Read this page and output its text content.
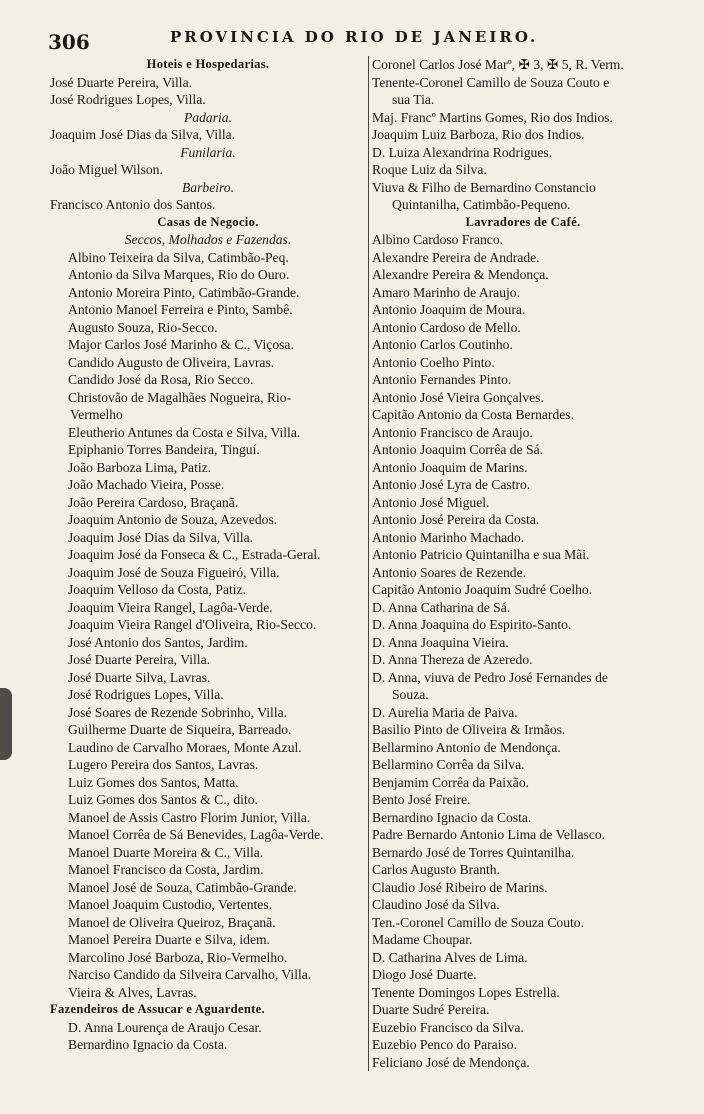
306	PROVINCIA DO RIO DE JANEIRO.
Hoteis e Hospedarias.
José Duarte Pereira, Villa.
José Rodrigues Lopes, Villa.
Padaria.
Joaquim José Dias da Silva, Villa.
Funilaria.
João Miguel Wilson.
Barbeiro.
Francisco Antonio dos Santos.
Casas de Negocio.
Seccos, Molhados e Fazendas.
Albino Teixeira da Silva, Catimbão-Peq.
Antonio da Silva Marques, Rio do Ouro.
Antonio Moreira Pinto, Catimbão-Grande.
Antonio Manoel Ferreira e Pinto, Sambê.
Augusto Souza, Rio-Secco.
Major Carlos José Marinho & C., Viçosa.
Candido Augusto de Oliveira, Lavras.
Candido José da Rosa, Rio Secco.
Christovão de Magalhães Nogueira, Rio-
Vermelho
Eleutherio Antunes da Costa e Silva, Villa.
Epiphanio Torres Bandeira, Tinguí.
João Barboza Lima, Patiz.
João Machado Vieira, Posse.
João Pereira Cardoso, Braçanã.
Joaquim Antonio de Souza, Azevedos.
Joaquim José Dias da Silva, Villa.
Joaquim José da Fonseca & C., Estrada-Geral.
Joaquim José de Souza Figueiró, Villa.
Joaquim Velloso da Costa, Patiz.
Joaquim Vieira Rangel, Lagôa-Verde.
Joaquim Vieira Rangel d'Oliveira, Rio-Secco.
José Antonio dos Santos, Jardim.
José Duarte Pereira, Villa.
José Duarte Silva, Lavras.
José Rodrigues Lopes, Villa.
José Soares de Rezende Sobrinho, Villa.
Guilherme Duarte de Siqueira, Barreado.
Laudino de Carvalho Moraes, Monte Azul.
Lugero Pereira dos Santos, Lavras.
Luiz Gomes dos Santos, Matta.
Luiz Gomes dos Santos & C., dito.
Manoel de Assis Castro Florim Junior, Villa.
Manoel Corrêa de Sá Benevides, Lagôa-Verde.
Manoel Duarte Moreira & C., Villa.
Manoel Francisco da Costa, Jardim.
Manoel José de Souza, Catimbão-Grande.
Manoel Joaquim Custodio, Vertentes.
Manoel de Oliveira Queiroz, Braçanã.
Manoel Pereira Duarte e Silva, idem.
Marcolino José Barboza, Rio-Vermelho.
Narciso Candido da Silveira Carvalho, Villa.
Vieira & Alves, Lavras.
Fazendeiros de Assucar e Aguardente.
D. Anna Lourença de Araujo Cesar.
Bernardino Ignacio da Costa.
Coronel Carlos José Marº, ✠ 3, ✠ 5, R. Verm.
Tenente-Coronel Camillo de Souza Couto e
sua Tia.
Maj. Francº Martins Gomes, Rio dos Indios.
Joaquim Luiz Barboza, Rio dos Indios.
D. Luiza Alexandrina Rodrigues.
Roque Luiz da Silva.
Viuva & Filho de Bernardino Constancio
Quintanilha, Catimbão-Pequeno.
Lavradores de Café.
Albino Cardoso Franco.
Alexandre Pereira de Andrade.
Alexandre Pereira & Mendonça.
Amaro Marinho de Araujo.
Antonio Joaquim de Moura.
Antonio Cardoso de Mello.
Antonio Carlos Coutinho.
Antonio Coelho Pinto.
Antonio Fernandes Pinto.
Antonio José Vieira Gonçalves.
Capitão Antonio da Costa Bernardes.
Antonio Francisco de Araujo.
Antonio Joaquim Corrêa de Sá.
Antonio Joaquim de Marins.
Antonio José Lyra de Castro.
Antonio José Miguel.
Antonio José Pereira da Costa.
Antonio Marinho Machado.
Antonio Patricio Quintanilha e sua Mãi.
Antonio Soares de Rezende.
Capitão Antonio Joaquim Sudré Coelho.
D. Anna Catharina de Sá.
D. Anna Joaquina do Espirito-Santo.
D. Anna Joaquina Vieira.
D. Anna Thereza de Azeredo.
D. Anna, viuva de Pedro José Fernandes de
Souza.
D. Aurelia Maria de Paiva.
Basilio Pinto de Oliveira & Irmãos.
Bellarmino Antonio de Mendonça.
Bellarmino Corrêa da Silva.
Benjamim Corrêa da Paixão.
Bento José Freire.
Bernardino Ignacio da Costa.
Padre Bernardo Antonio Lima de Vellasco.
Bernardo José de Torres Quintanilha.
Carlos Augusto Branth.
Claudio José Ribeiro de Marins.
Claudino José da Silva.
Ten.-Coronel Camillo de Souza Couto.
Madame Choupar.
D. Catharina Alves de Lima.
Diogo José Duarte.
Tenente Domingos Lopes Estrella.
Duarte Sudré Pereira.
Euzebio Francisco da Silva.
Euzebio Penco do Paraiso.
Feliciano José de Mendonça.
